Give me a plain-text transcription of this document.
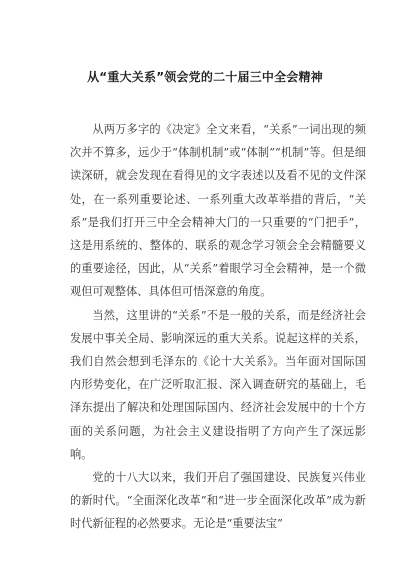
从“重大关系”领会党的二十届三中全会精神

从两万多字的《决定》全文来看，“关系”一词出现的频次并不算多，远少于“体制机制”或“体制”“机制”等。但是细读深研，就会发现在看得见的文字表述以及看不见的文件深处，在一系列重要论述、一系列重大改革举措的背后，“关系”是我们打开三中全会精神大门的一只重要的“门把手”，这是用系统的、整体的、联系的观念学习领会全会精髓要义的重要途径，因此，从“关系”着眼学习全会精神，是一个微观但可观整体、具体但可悟深意的角度。

当然，这里讲的“关系”不是一般的关系，而是经济社会发展中事关全局、影响深远的重大关系。说起这样的关系，我们自然会想到毛泽东的《论十大关系》。当年面对国际国内形势变化，在广泛听取汇报、深入调查研究的基础上，毛泽东提出了解决和处理国际国内、经济社会发展中的十个方面的关系问题，为社会主义建设指明了方向产生了深远影响。

党的十八大以来，我们开启了强国建设、民族复兴伟业的新时代。“全面深化改革”和“进一步全面深化改革”成为新时代新征程的必然要求。无论是“重要法宝”
